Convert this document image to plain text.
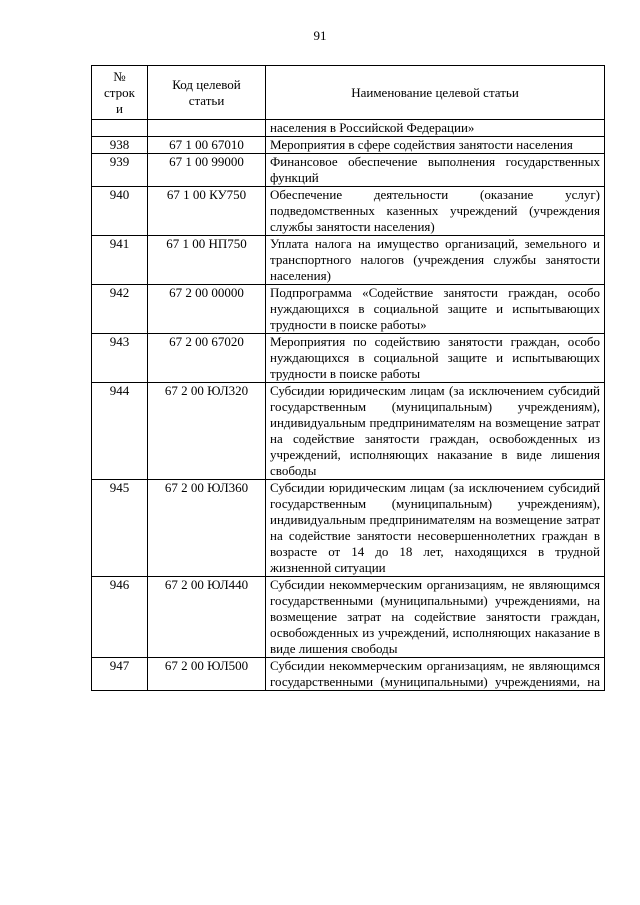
91
№ строк и	Код целевой статьи	Наименование целевой статьи
		населения в Российской Федерации»
938	67 1 00 67010	Мероприятия в сфере содействия занятости населения
939	67 1 00 99000	Финансовое обеспечение выполнения государственных функций
940	67 1 00 КУ750	Обеспечение деятельности (оказание услуг) подведомственных казенных учреждений (учреждения службы занятости населения)
941	67 1 00 НП750	Уплата налога на имущество организаций, земельного и транспортного налогов (учреждения службы занятости населения)
942	67 2 00 00000	Подпрограмма «Содействие занятости граждан, особо нуждающихся в социальной защите и испытывающих трудности в поиске работы»
943	67 2 00 67020	Мероприятия по содействию занятости граждан, особо нуждающихся в социальной защите и испытывающих трудности в поиске работы
944	67 2 00 ЮЛ320	Субсидии юридическим лицам (за исключением субсидий государственным (муниципальным) учреждениям), индивидуальным предпринимателям на возмещение затрат на содействие занятости граждан, освобожденных из учреждений, исполняющих наказание в виде лишения свободы
945	67 2 00 ЮЛ360	Субсидии юридическим лицам (за исключением субсидий государственным (муниципальным) учреждениям), индивидуальным предпринимателям на возмещение затрат на содействие занятости несовершеннолетних граждан в возрасте от 14 до 18 лет, находящихся в трудной жизненной ситуации
946	67 2 00 ЮЛ440	Субсидии некоммерческим организациям, не являющимся государственными (муниципальными) учреждениями, на возмещение затрат на содействие занятости граждан, освобожденных из учреждений, исполняющих наказание в виде лишения свободы
947	67 2 00 ЮЛ500	Субсидии некоммерческим организациям, не являющимся государственными (муниципальными) учреждениями, на
